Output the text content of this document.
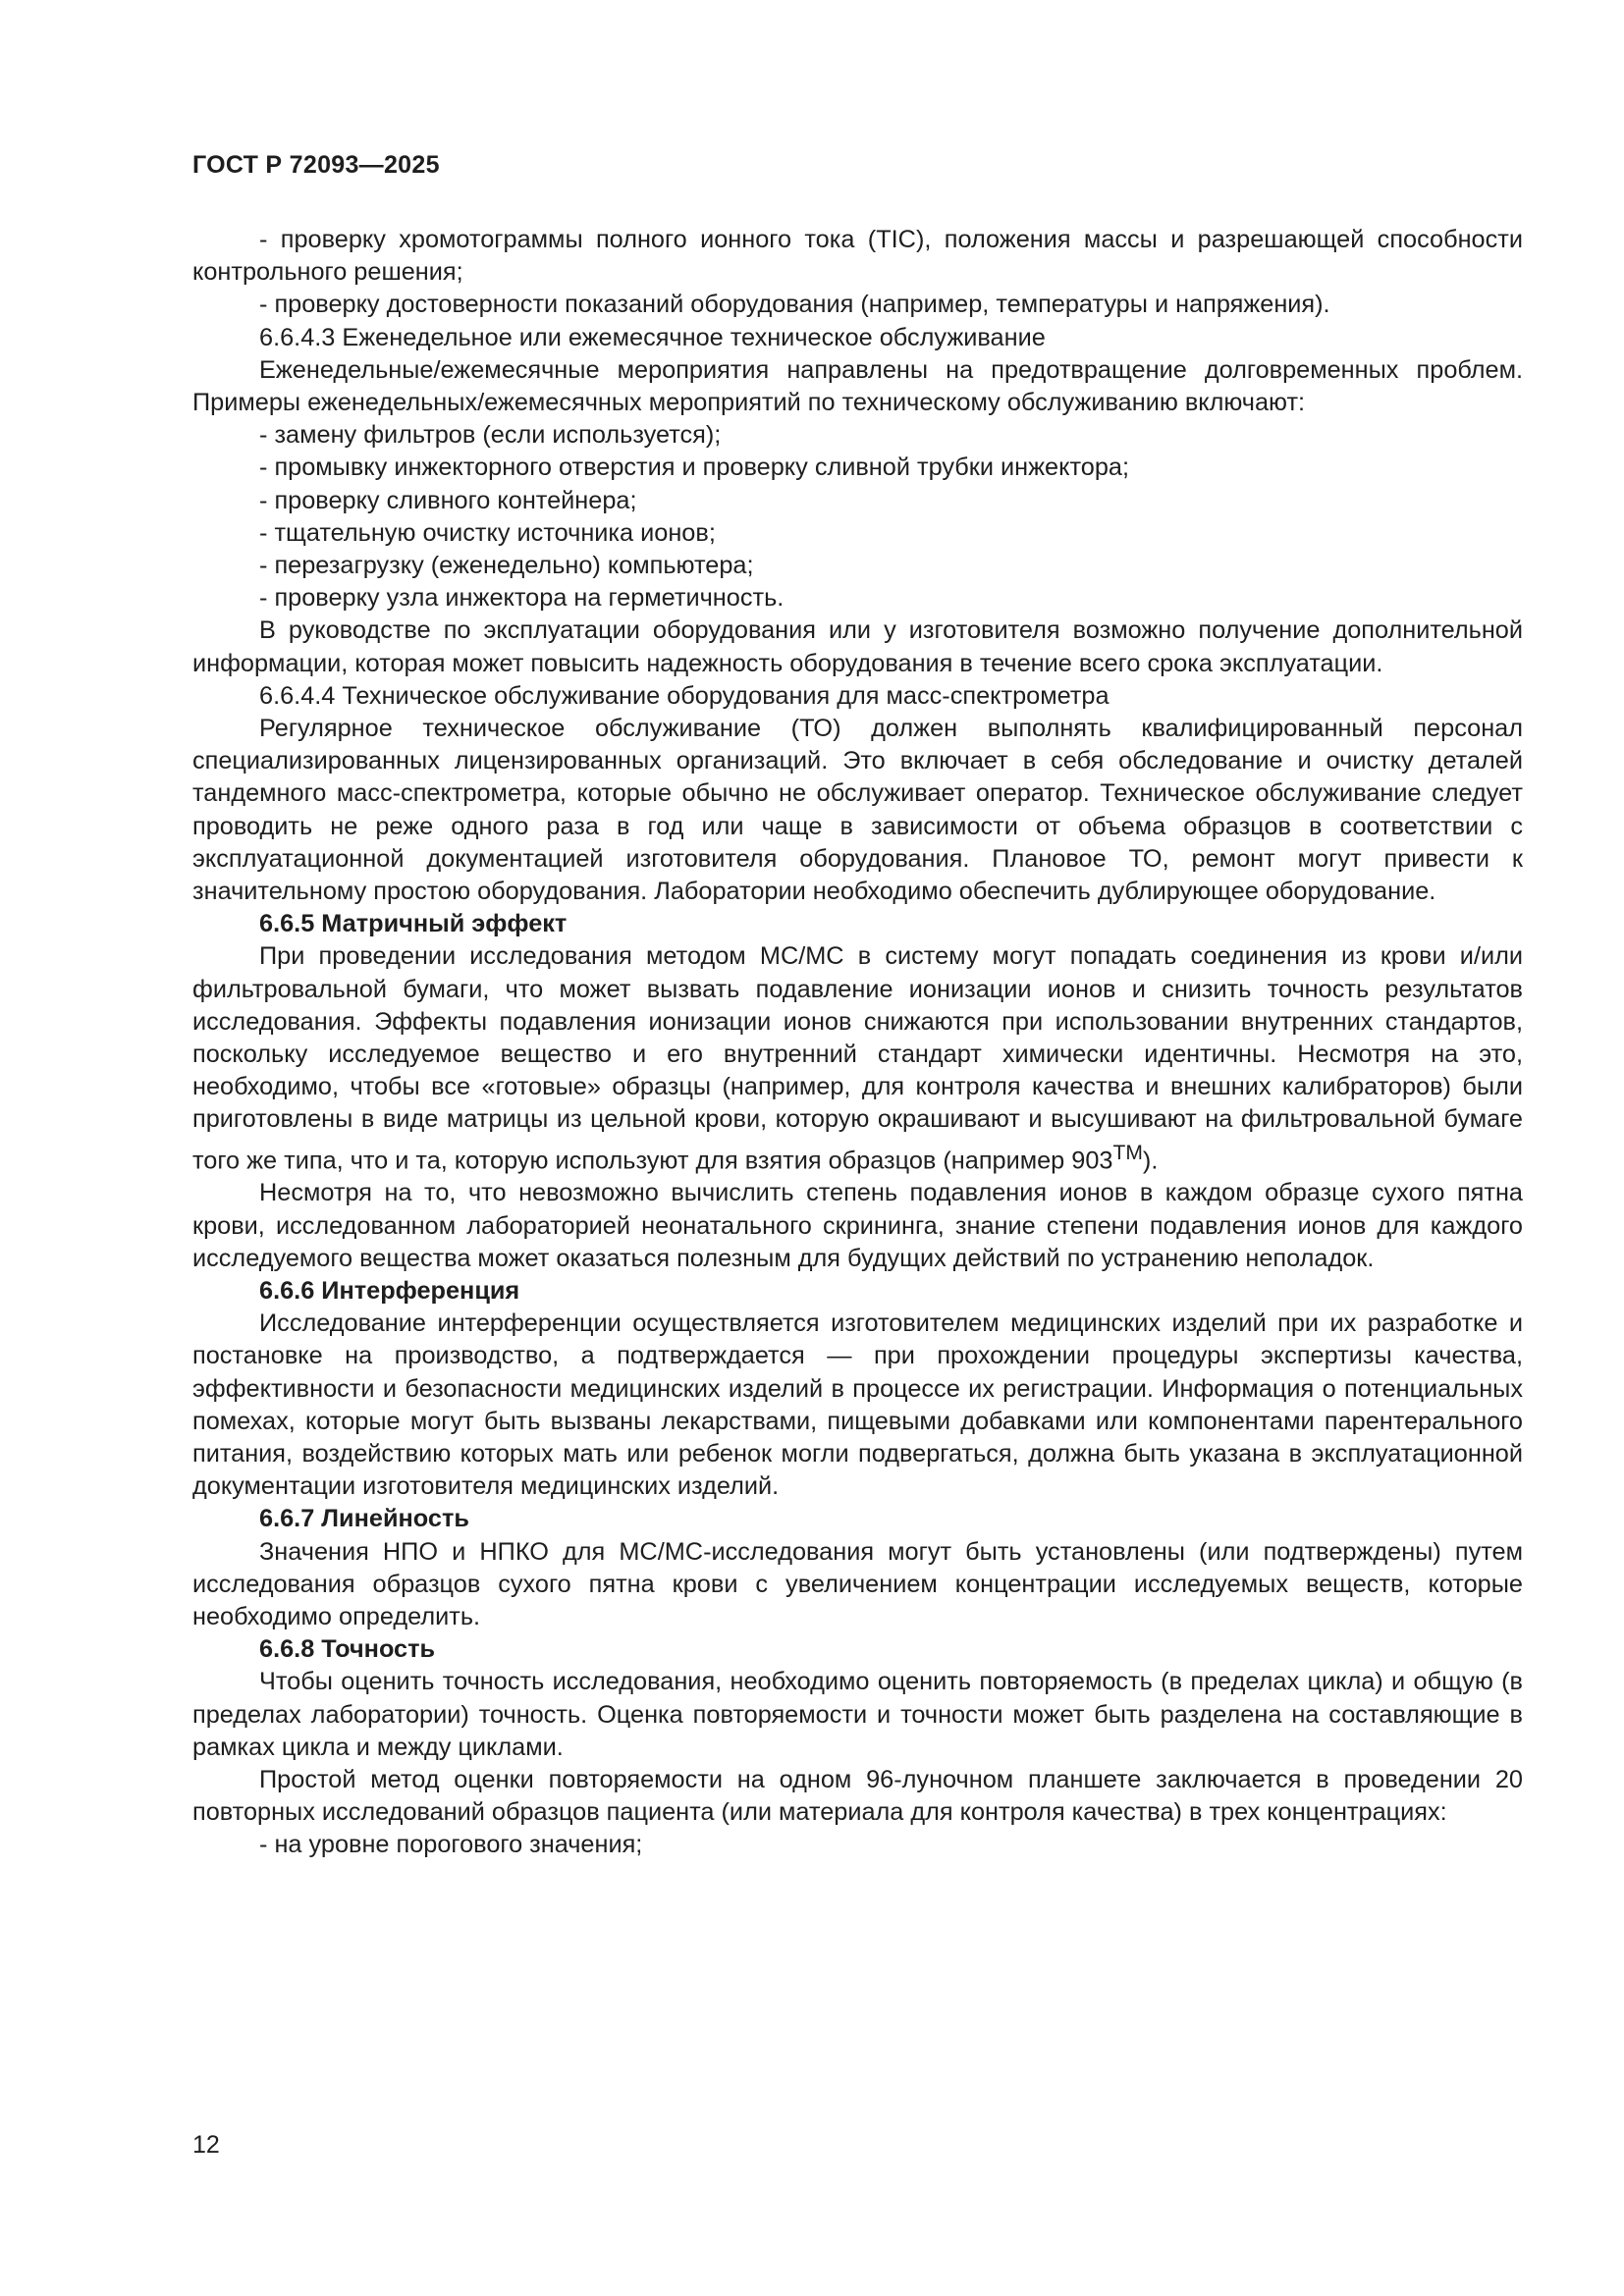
ГОСТ Р 72093—2025

- проверку хромотограммы полного ионного тока (TIC), положения массы и разрешающей способности контрольного решения;

- проверку достоверности показаний оборудования (например, температуры и напряжения).

6.6.4.3 Еженедельное или ежемесячное техническое обслуживание

Еженедельные/ежемесячные мероприятия направлены на предотвращение долговременных проблем. Примеры еженедельных/ежемесячных мероприятий по техническому обслуживанию включают:

- замену фильтров (если используется);

- промывку инжекторного отверстия и проверку сливной трубки инжектора;

- проверку сливного контейнера;

- тщательную очистку источника ионов;

- перезагрузку (еженедельно) компьютера;

- проверку узла инжектора на герметичность.

В руководстве по эксплуатации оборудования или у изготовителя возможно получение дополнительной информации, которая может повысить надежность оборудования в течение всего срока эксплуатации.

6.6.4.4 Техническое обслуживание оборудования для масс-спектрометра

Регулярное техническое обслуживание (ТО) должен выполнять квалифицированный персонал специализированных лицензированных организаций. Это включает в себя обследование и очистку деталей тандемного масс-спектрометра, которые обычно не обслуживает оператор. Техническое обслуживание следует проводить не реже одного раза в год или чаще в зависимости от объема образцов в соответствии с эксплуатационной документацией изготовителя оборудования. Плановое ТО, ремонт могут привести к значительному простою оборудования. Лаборатории необходимо обеспечить дублирующее оборудование.

6.6.5 Матричный эффект

При проведении исследования методом МС/МС в систему могут попадать соединения из крови и/или фильтровальной бумаги, что может вызвать подавление ионизации ионов и снизить точность результатов исследования. Эффекты подавления ионизации ионов снижаются при использовании внутренних стандартов, поскольку исследуемое вещество и его внутренний стандарт химически идентичны. Несмотря на это, необходимо, чтобы все «готовые» образцы (например, для контроля качества и внешних калибраторов) были приготовлены в виде матрицы из цельной крови, которую окрашивают и высушивают на фильтровальной бумаге того же типа, что и та, которую используют для взятия образцов (например 903™).

Несмотря на то, что невозможно вычислить степень подавления ионов в каждом образце сухого пятна крови, исследованном лабораторией неонатального скрининга, знание степени подавления ионов для каждого исследуемого вещества может оказаться полезным для будущих действий по устранению неполадок.

6.6.6 Интерференция

Исследование интерференции осуществляется изготовителем медицинских изделий при их разработке и постановке на производство, а подтверждается — при прохождении процедуры экспертизы качества, эффективности и безопасности медицинских изделий в процессе их регистрации. Информация о потенциальных помехах, которые могут быть вызваны лекарствами, пищевыми добавками или компонентами парентерального питания, воздействию которых мать или ребенок могли подвергаться, должна быть указана в эксплуатационной документации изготовителя медицинских изделий.

6.6.7 Линейность

Значения НПО и НПКО для МС/МС-исследования могут быть установлены (или подтверждены) путем исследования образцов сухого пятна крови с увеличением концентрации исследуемых веществ, которые необходимо определить.

6.6.8 Точность

Чтобы оценить точность исследования, необходимо оценить повторяемость (в пределах цикла) и общую (в пределах лаборатории) точность. Оценка повторяемости и точности может быть разделена на составляющие в рамках цикла и между циклами.

Простой метод оценки повторяемости на одном 96-луночном планшете заключается в проведении 20 повторных исследований образцов пациента (или материала для контроля качества) в трех концентрациях:

- на уровне порогового значения;

12
